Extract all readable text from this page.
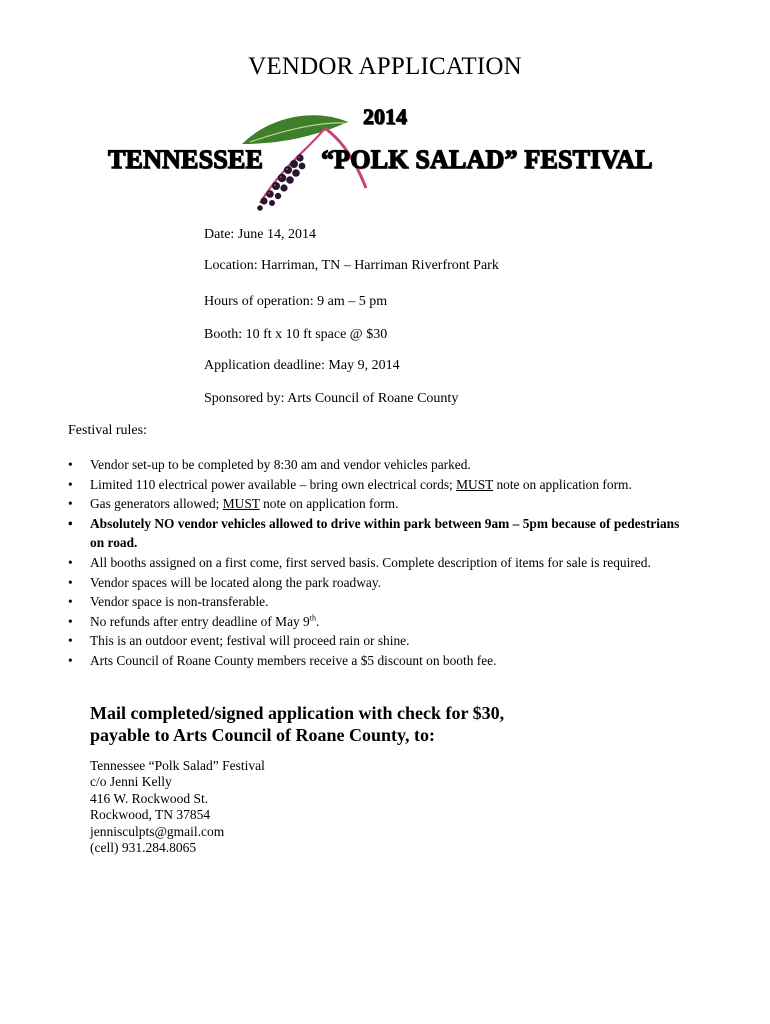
VENDOR APPLICATION
2014
TENNESSEE “POLK SALAD” FESTIVAL
Date: June 14, 2014
Location: Harriman, TN – Harriman Riverfront Park
Hours of operation: 9 am – 5 pm
Booth: 10 ft x 10 ft space @ $30
Application deadline: May 9, 2014
Sponsored by: Arts Council of Roane County
Festival rules:
• Vendor set-up to be completed by 8:30 am and vendor vehicles parked.
• Limited 110 electrical power available – bring own electrical cords; MUST note on application form.
• Gas generators allowed; MUST note on application form.
• Absolutely NO vendor vehicles allowed to drive within park between 9am – 5pm because of pedestrians on road.
• All booths assigned on a first come, first served basis. Complete description of items for sale is required.
• Vendor spaces will be located along the park roadway.
• Vendor space is non-transferable.
• No refunds after entry deadline of May 9th.
• This is an outdoor event; festival will proceed rain or shine.
• Arts Council of Roane County members receive a $5 discount on booth fee.
Mail completed/signed application with check for $30,
payable to Arts Council of Roane County, to:
Tennessee “Polk Salad” Festival
c/o Jenni Kelly
416 W. Rockwood St.
Rockwood, TN 37854
jennisculpts@gmail.com
(cell) 931.284.8065
